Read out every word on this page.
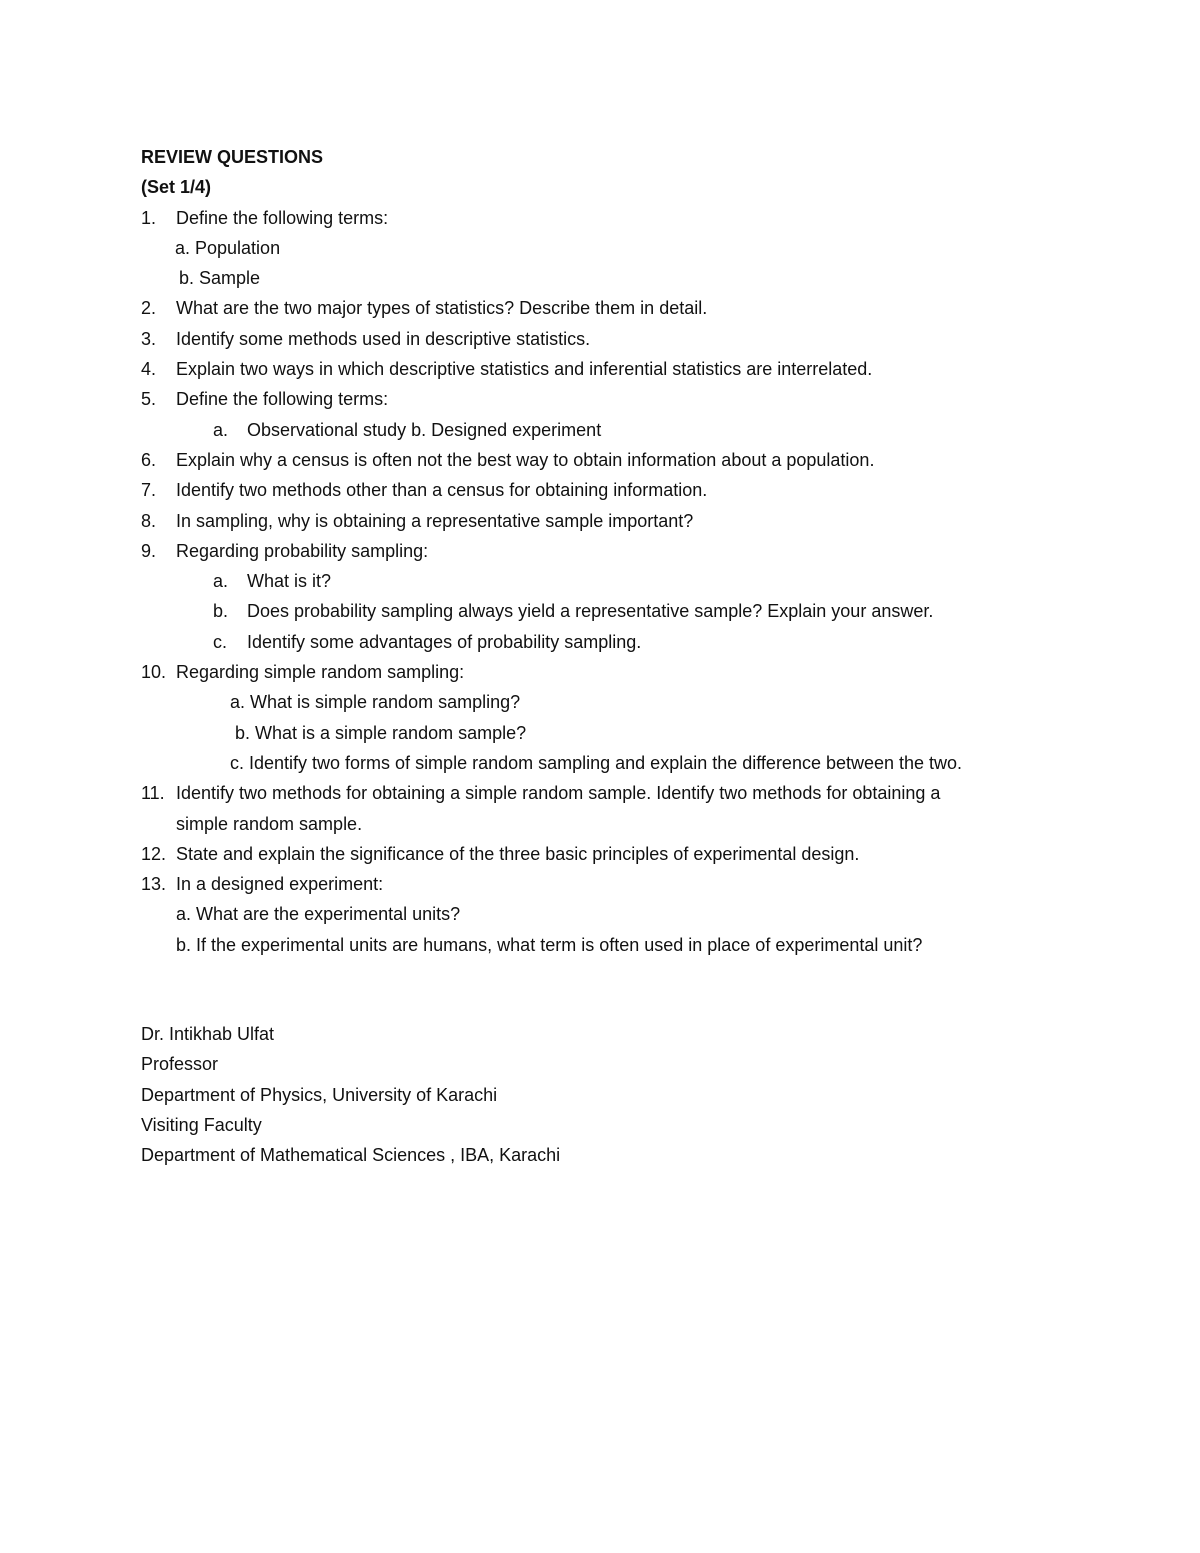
REVIEW QUESTIONS
(Set 1/4)
1. Define the following terms:
a. Population
b. Sample
2. What are the two major types of statistics? Describe them in detail.
3. Identify some methods used in descriptive statistics.
4. Explain two ways in which descriptive statistics and inferential statistics are interrelated.
5. Define the following terms:
a. Observational study b. Designed experiment
6. Explain why a census is often not the best way to obtain information about a population.
7. Identify two methods other than a census for obtaining information.
8. In sampling, why is obtaining a representative sample important?
9. Regarding probability sampling:
a. What is it?
b. Does probability sampling always yield a representative sample? Explain your answer.
c. Identify some advantages of probability sampling.
10. Regarding simple random sampling:
a. What is simple random sampling?
b. What is a simple random sample?
c. Identify two forms of simple random sampling and explain the difference between the two.
11. Identify two methods for obtaining a simple random sample. Identify two methods for obtaining a
simple random sample.
12. State and explain the significance of the three basic principles of experimental design.
13. In a designed experiment:
a. What are the experimental units?
b. If the experimental units are humans, what term is often used in place of experimental unit?
Dr. Intikhab Ulfat
Professor
Department of Physics, University of Karachi
Visiting Faculty
Department of Mathematical Sciences , IBA, Karachi
